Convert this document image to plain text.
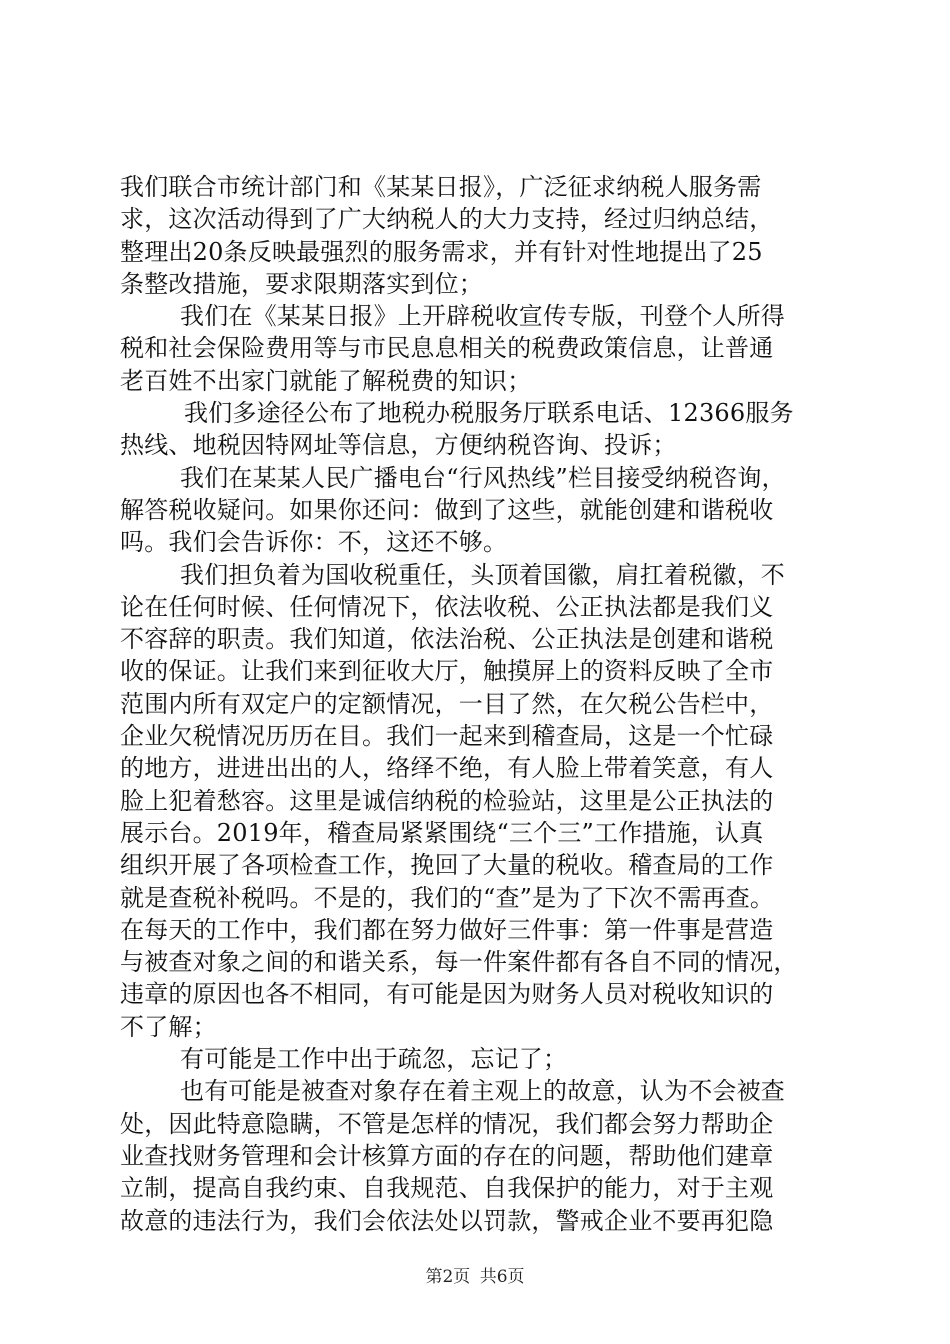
我们联合市统计部门和《某某日报》，广泛征求纳税人服务需
求，这次活动得到了广大纳税人的大力支持，经过归纳总结，
整理出20条反映最强烈的服务需求，并有针对性地提出了25
条整改措施，要求限期落实到位；
我们在《某某日报》上开辟税收宣传专版，刊登个人所得
税和社会保险费用等与市民息息相关的税费政策信息，让普通
老百姓不出家门就能了解税费的知识；
我们多途径公布了地税办税服务厅联系电话、12366服务
热线、地税因特网址等信息，方便纳税咨询、投诉；
我们在某某人民广播电台“行风热线”栏目接受纳税咨询，
解答税收疑问。如果你还问：做到了这些，就能创建和谐税收
吗。我们会告诉你：不，这还不够。
我们担负着为国收税重任，头顶着国徽，肩扛着税徽，不
论在任何时候、任何情况下，依法收税、公正执法都是我们义
不容辞的职责。我们知道，依法治税、公正执法是创建和谐税
收的保证。让我们来到征收大厅，触摸屏上的资料反映了全市
范围内所有双定户的定额情况，一目了然，在欠税公告栏中，
企业欠税情况历历在目。我们一起来到稽查局，这是一个忙碌
的地方，进进出出的人，络绎不绝，有人脸上带着笑意，有人
脸上犯着愁容。这里是诚信纳税的检验站，这里是公正执法的
展示台。2019年，稽查局紧紧围绕“三个三”工作措施，认真
组织开展了各项检查工作，挽回了大量的税收。稽查局的工作
就是查税补税吗。不是的，我们的“查”是为了下次不需再查。
在每天的工作中，我们都在努力做好三件事：第一件事是营造
与被查对象之间的和谐关系，每一件案件都有各自不同的情况，
违章的原因也各不相同，有可能是因为财务人员对税收知识的
不了解；
有可能是工作中出于疏忽，忘记了；
也有可能是被查对象存在着主观上的故意，认为不会被查
处，因此特意隐瞒，不管是怎样的情况，我们都会努力帮助企
业查找财务管理和会计核算方面的存在的问题，帮助他们建章
立制，提高自我约束、自我规范、自我保护的能力，对于主观
故意的违法行为，我们会依法处以罚款，警戒企业不要再犯隐
第2页 共6页
